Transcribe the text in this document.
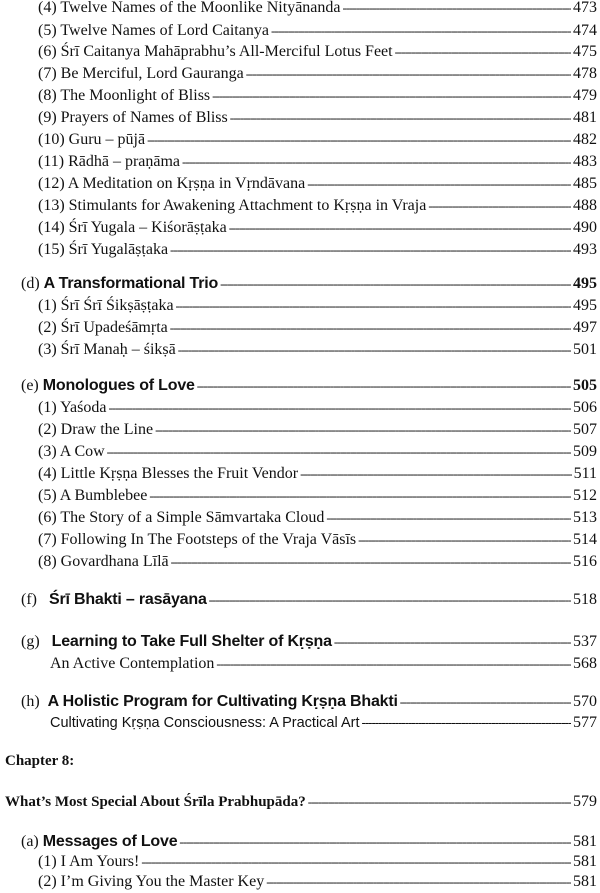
(4) Twelve Names of the Moonlike Nityānanda -----	473
(5) Twelve Names of Lord Caitanya -----	474
(6) Śrī Caitanya Mahāprabhu’s All-Merciful Lotus Feet -----	475
(7) Be Merciful, Lord Gauranga -----	478
(8) The Moonlight of Bliss -----	479
(9) Prayers of Names of Bliss -----	481
(10) Guru – pūjā -----	482
(11) Rādhā – praṇāma -----	483
(12) A Meditation on Kṛṣṇa in Vṛndāvana -----	485
(13) Stimulants for Awakening Attachment to Kṛṣṇa in Vraja -----	488
(14) Śrī Yugala – Kiśorāṣṭaka -----	490
(15) Śrī Yugalāṣṭaka -----	493
(d) A Transformational Trio -----	495
(1) Śrī Śrī Śikṣāṣṭaka -----	495
(2) Śrī Upadeśāmṛta -----	497
(3) Śrī Manaḥ – śikṣā -----	501
(e) Monologues of Love -----	505
(1) Yaśoda -----	506
(2) Draw the Line -----	507
(3) A Cow -----	509
(4) Little Kṛṣṇa Blesses the Fruit Vendor -----	511
(5) A Bumblebee -----	512
(6) The Story of a Simple Sāmvartaka Cloud -----	513
(7) Following In The Footsteps of the Vraja Vāsīs -----	514
(8) Govardhana Līlā -----	516
(f) Śrī Bhakti – rasāyana -----	518
(g) Learning to Take Full Shelter of Kṛṣṇa -----	537
An Active Contemplation -----	568
(h) A Holistic Program for Cultivating Kṛṣṇa Bhakti -----	570
Cultivating Kṛṣṇa Consciousness: A Practical Art -----	577
Chapter 8:
What’s Most Special About Śrīla Prabhupāda? -----	579
(a) Messages of Love -----	581
(1) I Am Yours! -----	581
(2) I’m Giving You the Master Key -----	581
